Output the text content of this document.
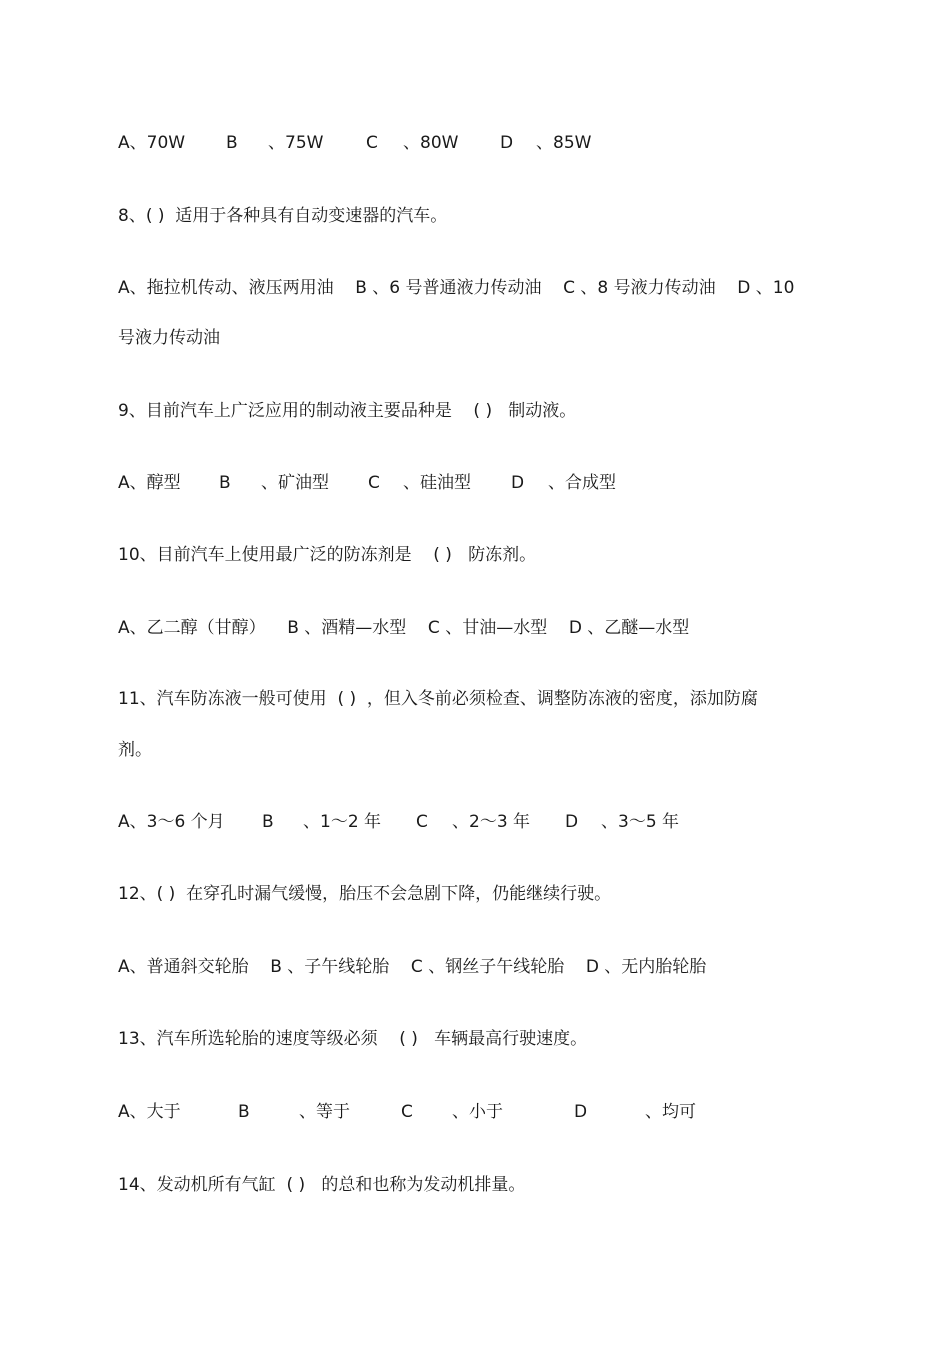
A、70W B 、75W	C 、80W D 、85W
8、( )  适用于各种具有自动变速器的汽车。
A、拖拉机传动、液压两用油    B 、6 号普通液力传动油    C 、8 号液力传动油    D 、10
号液力传动油
9、目前汽车上广泛应用的制动液主要品种是    ( )   制动液。
A、醇型 B 、矿油型 C 、硅油型 D 、合成型
10、目前汽车上使用最广泛的防冻剂是    ( )   防冻剂。
A、乙二醇（甘醇）    B 、酒精—水型    C 、甘油—水型    D 、乙醚—水型
11、汽车防冻液一般可使用  ( )  ，但入冬前必须检查、调整防冻液的密度，添加防腐
剂。
A、3～6 个月 B 、1～2 年 C 、2～3 年 D 、3～5 年
12、( )  在穿孔时漏气缓慢，胎压不会急剧下降，仍能继续行驶。
A、普通斜交轮胎    B 、子午线轮胎    C 、钢丝子午线轮胎    D 、无内胎轮胎
13、汽车所选轮胎的速度等级必须    ( )   车辆最高行驶速度。
A、大于	B	、等于	C 、小于	D	、均可
14、发动机所有气缸  ( )   的总和也称为发动机排量。
